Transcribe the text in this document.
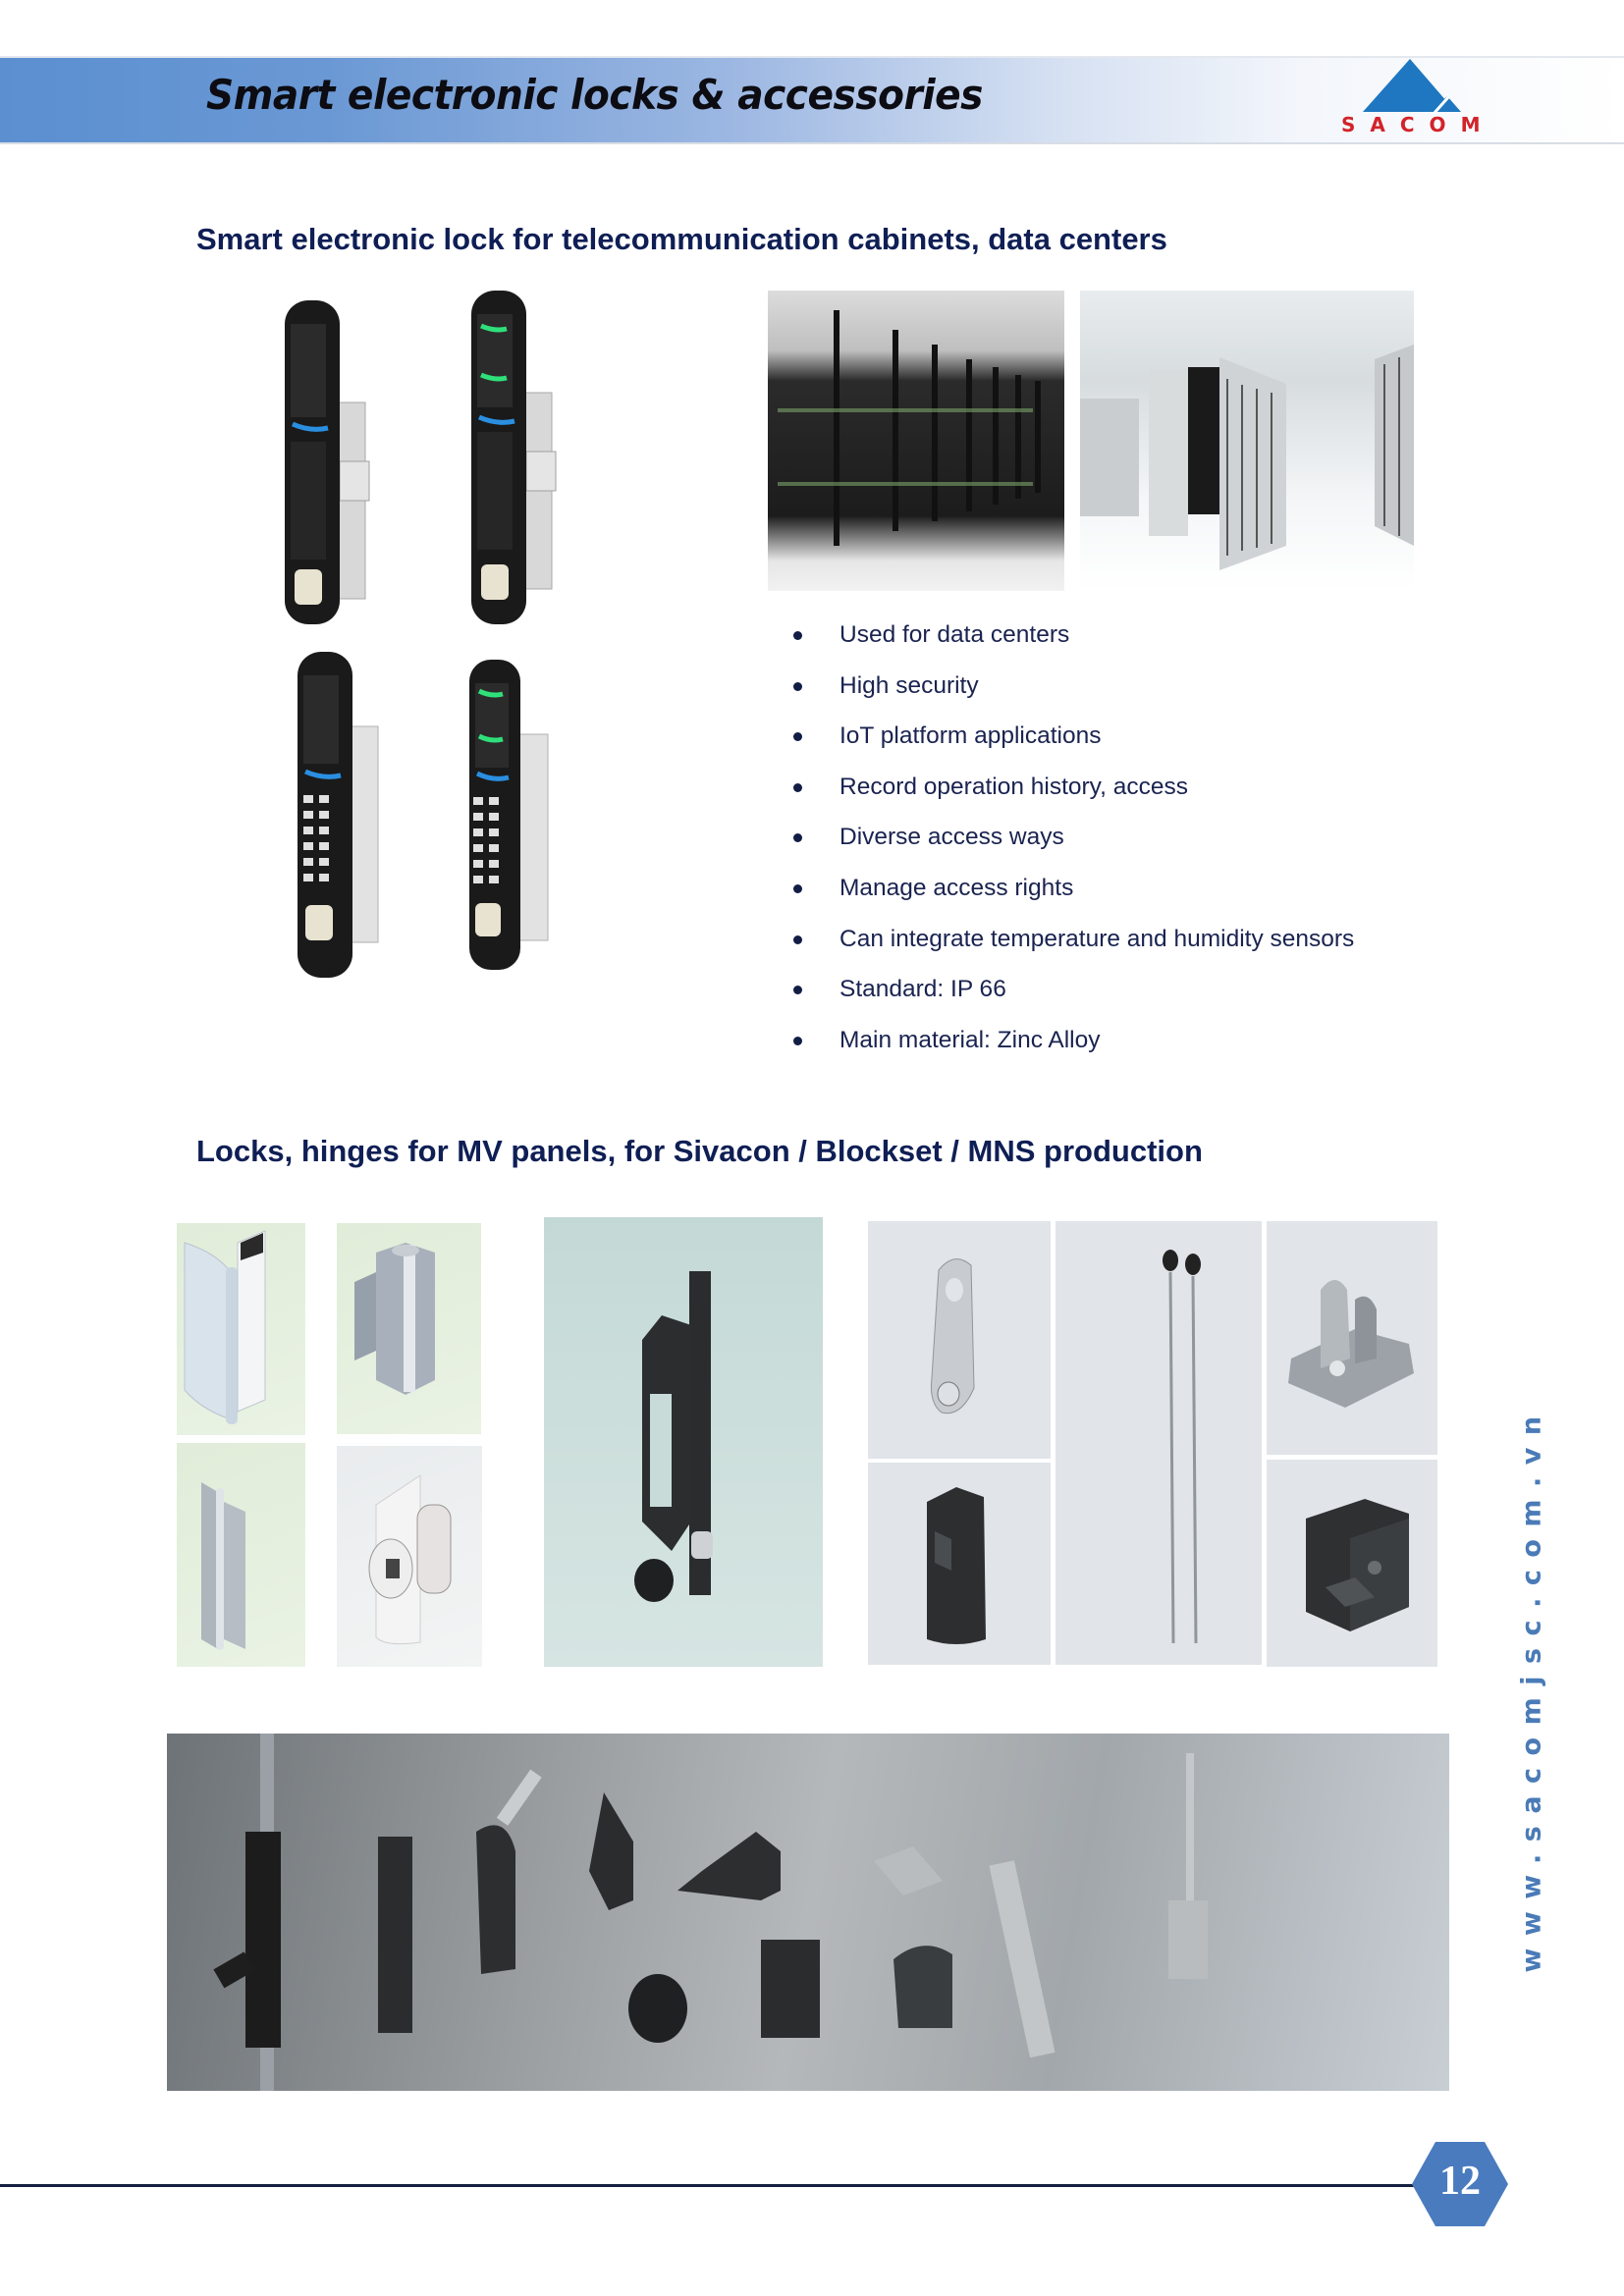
Smart electronic locks & accessories
SACOM
Smart electronic lock for telecommunication cabinets, data centers
Used for data centers
High security
IoT platform applications
Record operation history, access
Diverse access ways
Manage access rights
Can integrate temperature and humidity sensors
Standard: IP 66
Main material: Zinc Alloy
Locks, hinges for MV panels, for Sivacon / Blockset / MNS production
www.sacomjsc.com.vn
12
